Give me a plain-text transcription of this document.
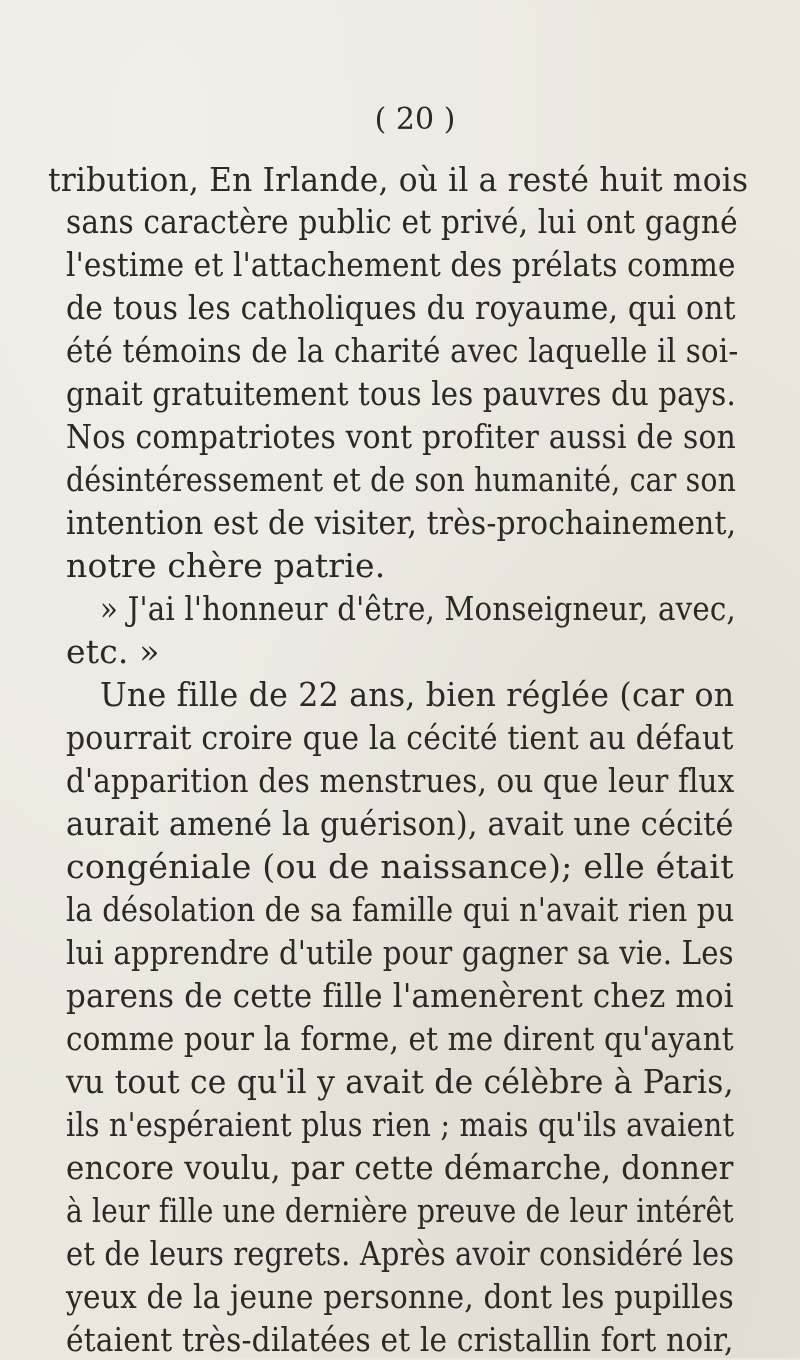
( 20 )
tribution, En Irlande, où il a resté huit mois
sans caractère public et privé, lui ont gagné
l'estime et l'attachement des prélats comme
de tous les catholiques du royaume, qui ont
été témoins de la charité avec laquelle il soi-
gnait gratuitement tous les pauvres du pays.
Nos compatriotes vont profiter aussi de son
désintéressement et de son humanité, car son
intention est de visiter, très-prochainement,
notre chère patrie.
» J'ai l'honneur d'être, Monseigneur, avec,
etc. »
Une fille de 22 ans, bien réglée (car on
pourrait croire que la cécité tient au défaut
d'apparition des menstrues, ou que leur flux
aurait amené la guérison), avait une cécité
congéniale (ou de naissance); elle était
la désolation de sa famille qui n'avait rien pu
lui apprendre d'utile pour gagner sa vie. Les
parens de cette fille l'amenèrent chez moi
comme pour la forme, et me dirent qu'ayant
vu tout ce qu'il y avait de célèbre à Paris,
ils n'espéraient plus rien ; mais qu'ils avaient
encore voulu, par cette démarche, donner
à leur fille une dernière preuve de leur intérêt
et de leurs regrets. Après avoir considéré les
yeux de la jeune personne, dont les pupilles
étaient très-dilatées et le cristallin fort noir,
